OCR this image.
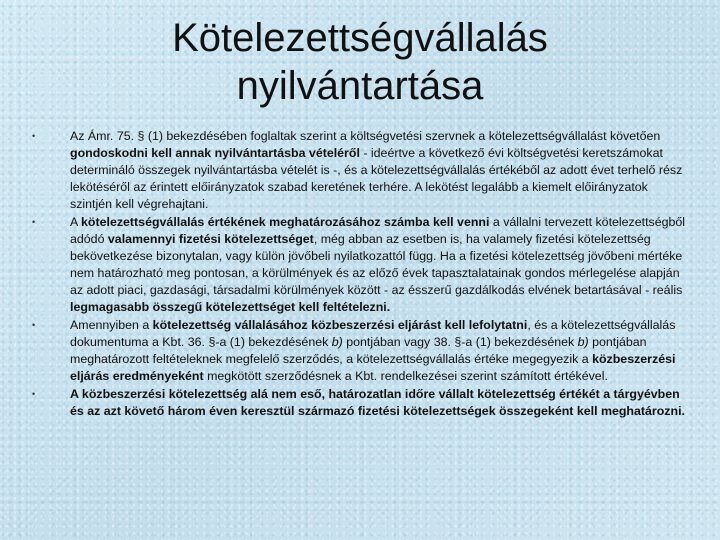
Kötelezettségvállalás
nyilvántartása
•	Az Ámr. 75. § (1) bekezdésében foglaltak szerint a költségvetési szervnek a kötelezettségvállalást követően gondoskodni kell annak nyilvántartásba vételéről - ideértve a következő évi költségvetési keretszámokat determináló összegek nyilvántartásba vételét is -, és a kötelezettségvállalás értékéből az adott évet terhelő rész lekötéséről az érintett előirányzatok szabad keretének terhére. A lekötést legalább a kiemelt előirányzatok szintjén kell végrehajtani.
•	A kötelezettségvállalás értékének meghatározásához számba kell venni a vállalni tervezett kötelezettségből adódó valamennyi fizetési kötelezettséget, még abban az esetben is, ha valamely fizetési kötelezettség bekövetkezése bizonytalan, vagy külön jövőbeli nyilatkozattól függ. Ha a fizetési kötelezettség jövőbeni mértéke nem határozható meg pontosan, a körülmények és az előző évek tapasztalatainak gondos mérlegelése alapján az adott piaci, gazdasági, társadalmi körülmények között - az ésszerű gazdálkodás elvének betartásával - reális legmagasabb összegű kötelezettséget kell feltételezni.
•	Amennyiben a kötelezettség vállalásához közbeszerzési eljárást kell lefolytatni, és a kötelezettségvállalás dokumentuma a Kbt. 36. §-a (1) bekezdésének b) pontjában vagy 38. §-a (1) bekezdésének b) pontjában meghatározott feltételeknek megfelelő szerződés, a kötelezettségvállalás értéke megegyezik a közbeszerzési eljárás eredményeként megkötött szerződésnek a Kbt. rendelkezései szerint számított értékével.
•	A közbeszerzési kötelezettség alá nem eső, határozatlan időre vállalt kötelezettség értékét a tárgyévben és az azt követő három éven keresztül származó fizetési kötelezettségek összegeként kell meghatározni.
